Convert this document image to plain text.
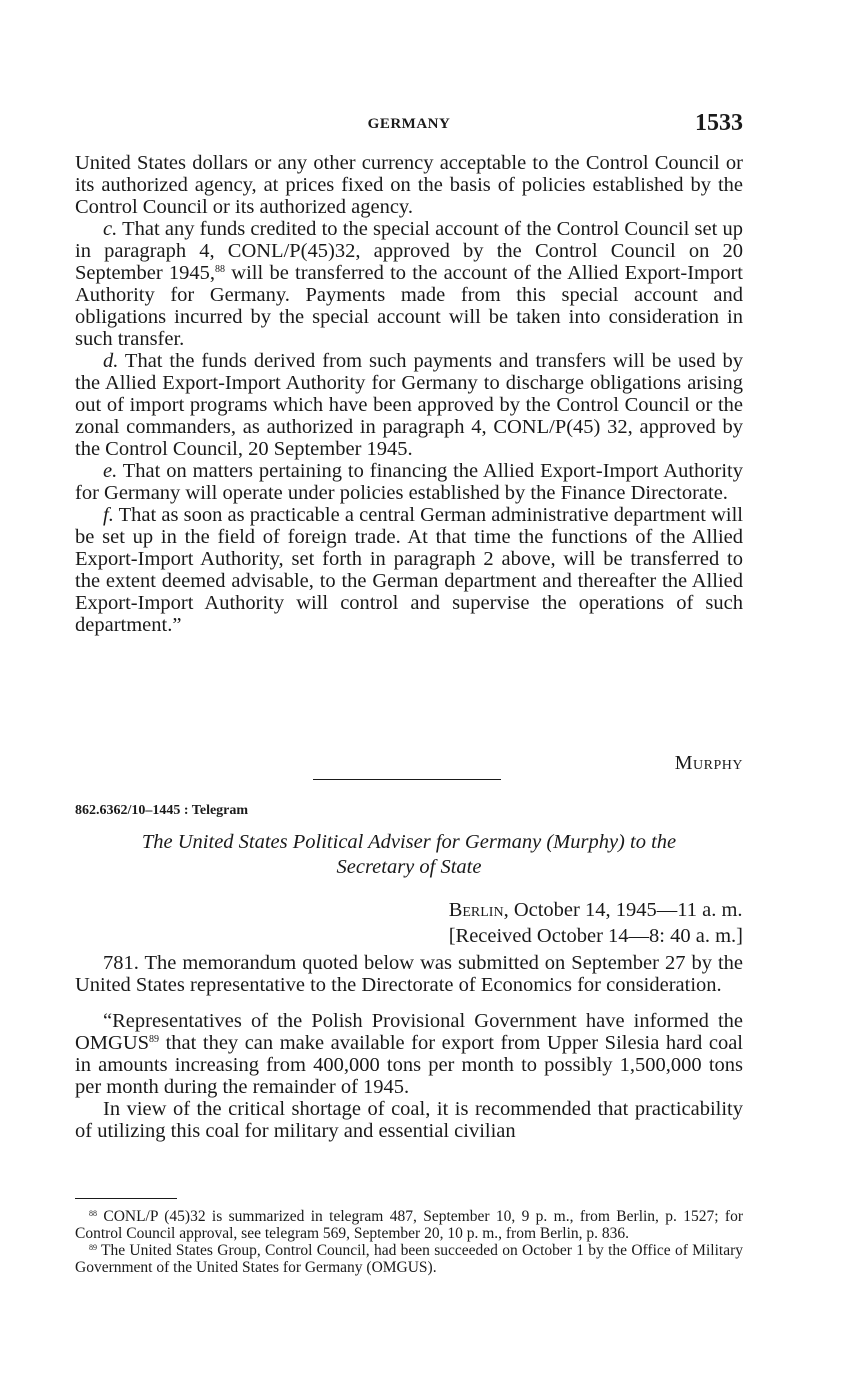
GERMANY	1533

United States dollars or any other currency acceptable to the Control Council or its authorized agency, at prices fixed on the basis of policies established by the Control Council or its authorized agency.

c. That any funds credited to the special account of the Control Council set up in paragraph 4, CONL/P(45)32, approved by the Control Council on 20 September 1945,88 will be transferred to the account of the Allied Export-Import Authority for Germany. Payments made from this special account and obligations incurred by the special account will be taken into consideration in such transfer.

d. That the funds derived from such payments and transfers will be used by the Allied Export-Import Authority for Germany to discharge obligations arising out of import programs which have been approved by the Control Council or the zonal commanders, as authorized in paragraph 4, CONL/P(45) 32, approved by the Control Council, 20 September 1945.

e. That on matters pertaining to financing the Allied Export-Import Authority for Germany will operate under policies established by the Finance Directorate.

f. That as soon as practicable a central German administrative department will be set up in the field of foreign trade. At that time the functions of the Allied Export-Import Authority, set forth in paragraph 2 above, will be transferred to the extent deemed advisable, to the German department and thereafter the Allied Export-Import Authority will control and supervise the operations of such department.”

Murphy
862.6362/10–1445 : Telegram
The United States Political Adviser for Germany (Murphy) to the
Secretary of State
Berlin, October 14, 1945—11 a. m.
[Received October 14—8: 40 a. m.]

781. The memorandum quoted below was submitted on September 27 by the United States representative to the Directorate of Economics for consideration.

“Representatives of the Polish Provisional Government have informed the OMGUS$^{89}$ that they can make available for export from Upper Silesia hard coal in amounts increasing from 400,000 tons per month to possibly 1,500,000 tons per month during the remainder of 1945.

In view of the critical shortage of coal, it is recommended that practicability of utilizing this coal for military and essential civilian

$^{88}$ CONL/P (45)32 is summarized in telegram 487, September 10, 9 p. m., from Berlin, p. 1527; for Control Council approval, see telegram 569, September 20, 10 p. m., from Berlin, p. 836.

$^{89}$ The United States Group, Control Council, had been succeeded on October 1 by the Office of Military Government of the United States for Germany (OMGUS).
